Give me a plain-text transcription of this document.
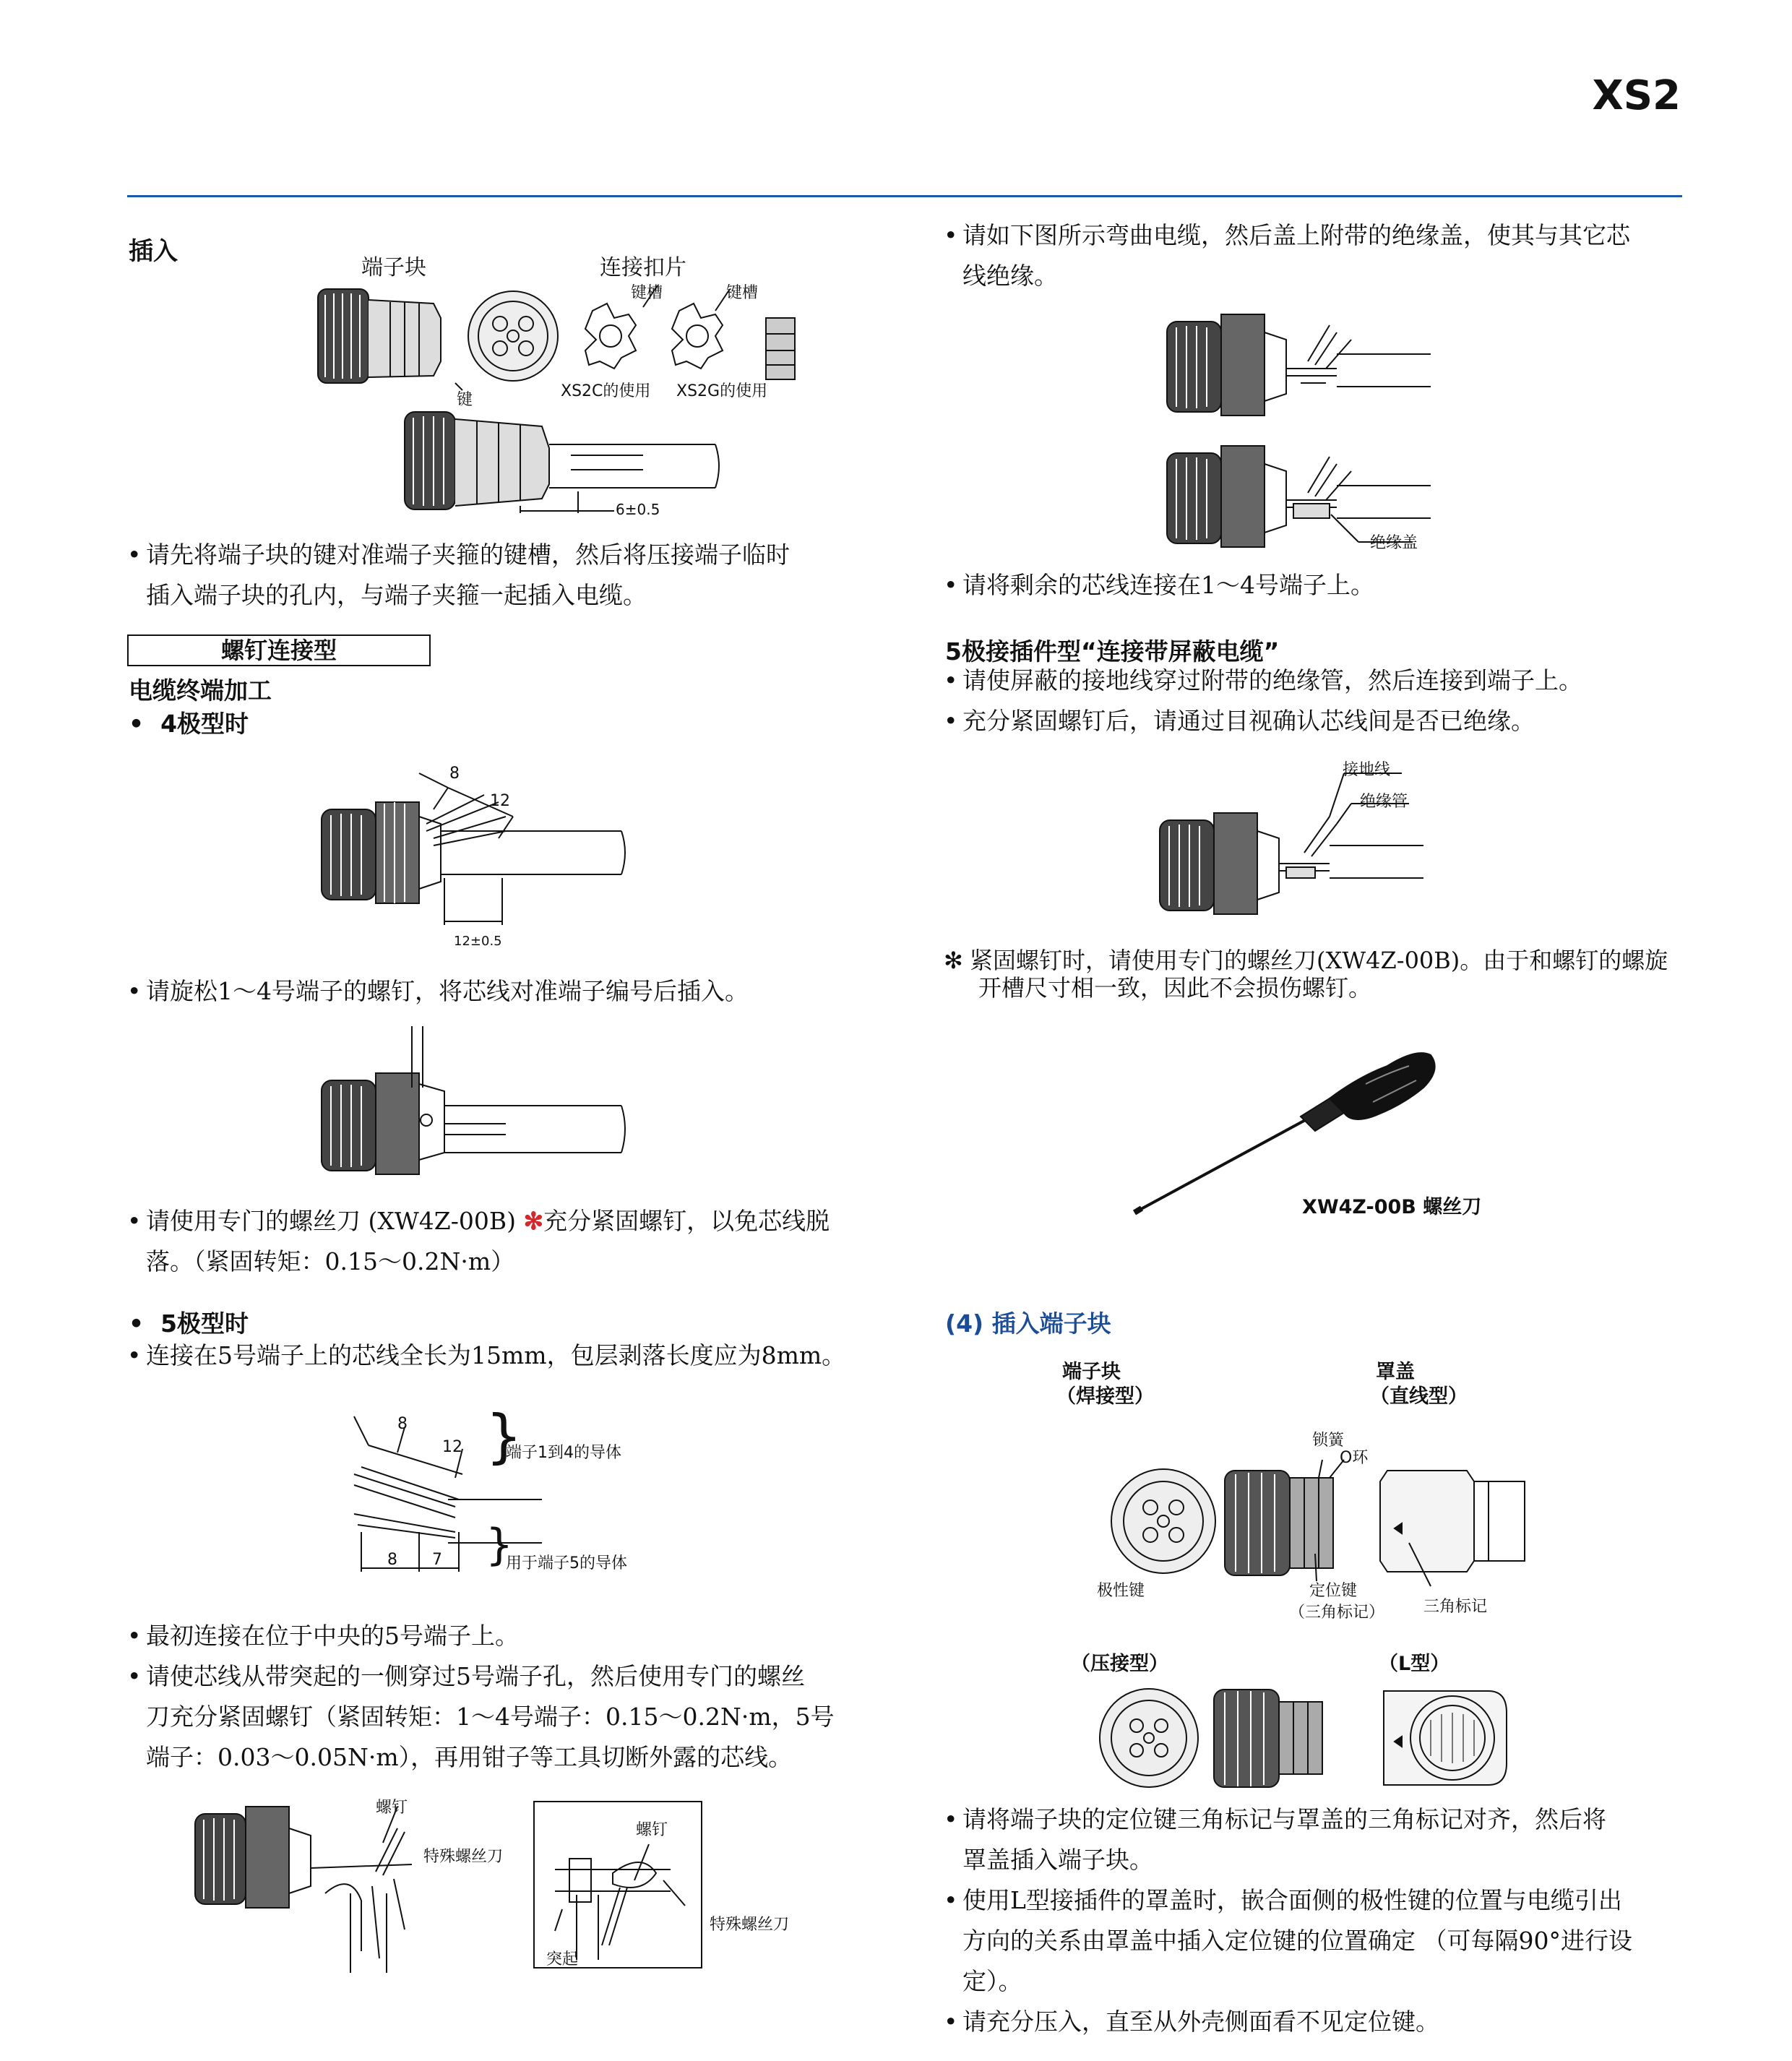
XS2
插入
端子块	连接扣片
键槽	键槽
键	XS2C的使用 XS2G的使用
6±0.5
• 请先将端子块的键对准端子夹箍的键槽，然后将压接端子临时
插入端子块的孔内，与端子夹箍一起插入电缆。
螺钉连接型
电缆终端加工
•  4极型时
8
12
12±0.5
• 请旋松1～4号端子的螺钉，将芯线对准端子编号后插入。
• 请使用专门的螺丝刀 (XW4Z-00B) ✻充分紧固螺钉，以免芯线脱
落。（紧固转矩：0.15～0.2N·m）
•  5极型时
• 连接在5号端子上的芯线全长为15mm，包层剥落长度应为8mm。
}
}
端子1到4的导体
用于端子5的导体
8
12
8 7
• 最初连接在位于中央的5号端子上。
• 请使芯线从带突起的一侧穿过5号端子孔，然后使用专门的螺丝
刀充分紧固螺钉（紧固转矩：1～4号端子：0.15～0.2N·m，5号
端子：0.03～0.05N·m），再用钳子等工具切断外露的芯线。
螺钉
特殊螺丝刀
螺钉
特殊螺丝刀
突起
• 请如下图所示弯曲电缆，然后盖上附带的绝缘盖，使其与其它芯
线绝缘。
绝缘盖
• 请将剩余的芯线连接在1～4号端子上。
5极接插件型“连接带屏蔽电缆”
• 请使屏蔽的接地线穿过附带的绝缘管，然后连接到端子上。
• 充分紧固螺钉后，请通过目视确认芯线间是否已绝缘。
接地线
绝缘管
✻ 紧固螺钉时，请使用专门的螺丝刀(XW4Z-00B)。由于和螺钉的螺旋
开槽尺寸相一致，因此不会损伤螺钉。
XW4Z-00B 螺丝刀
(4) 插入端子块
端子块
（焊接型）
罩盖
（直线型）
锁簧
O环
极性键	定位键
（三角标记） 三角标记
（压接型）	（L型）
• 请将端子块的定位键三角标记与罩盖的三角标记对齐，然后将
罩盖插入端子块。
• 使用L型接插件的罩盖时，嵌合面侧的极性键的位置与电缆引出
方向的关系由罩盖中插入定位键的位置确定 （可每隔90°进行设
定）。
• 请充分压入，直至从外壳侧面看不见定位键。
